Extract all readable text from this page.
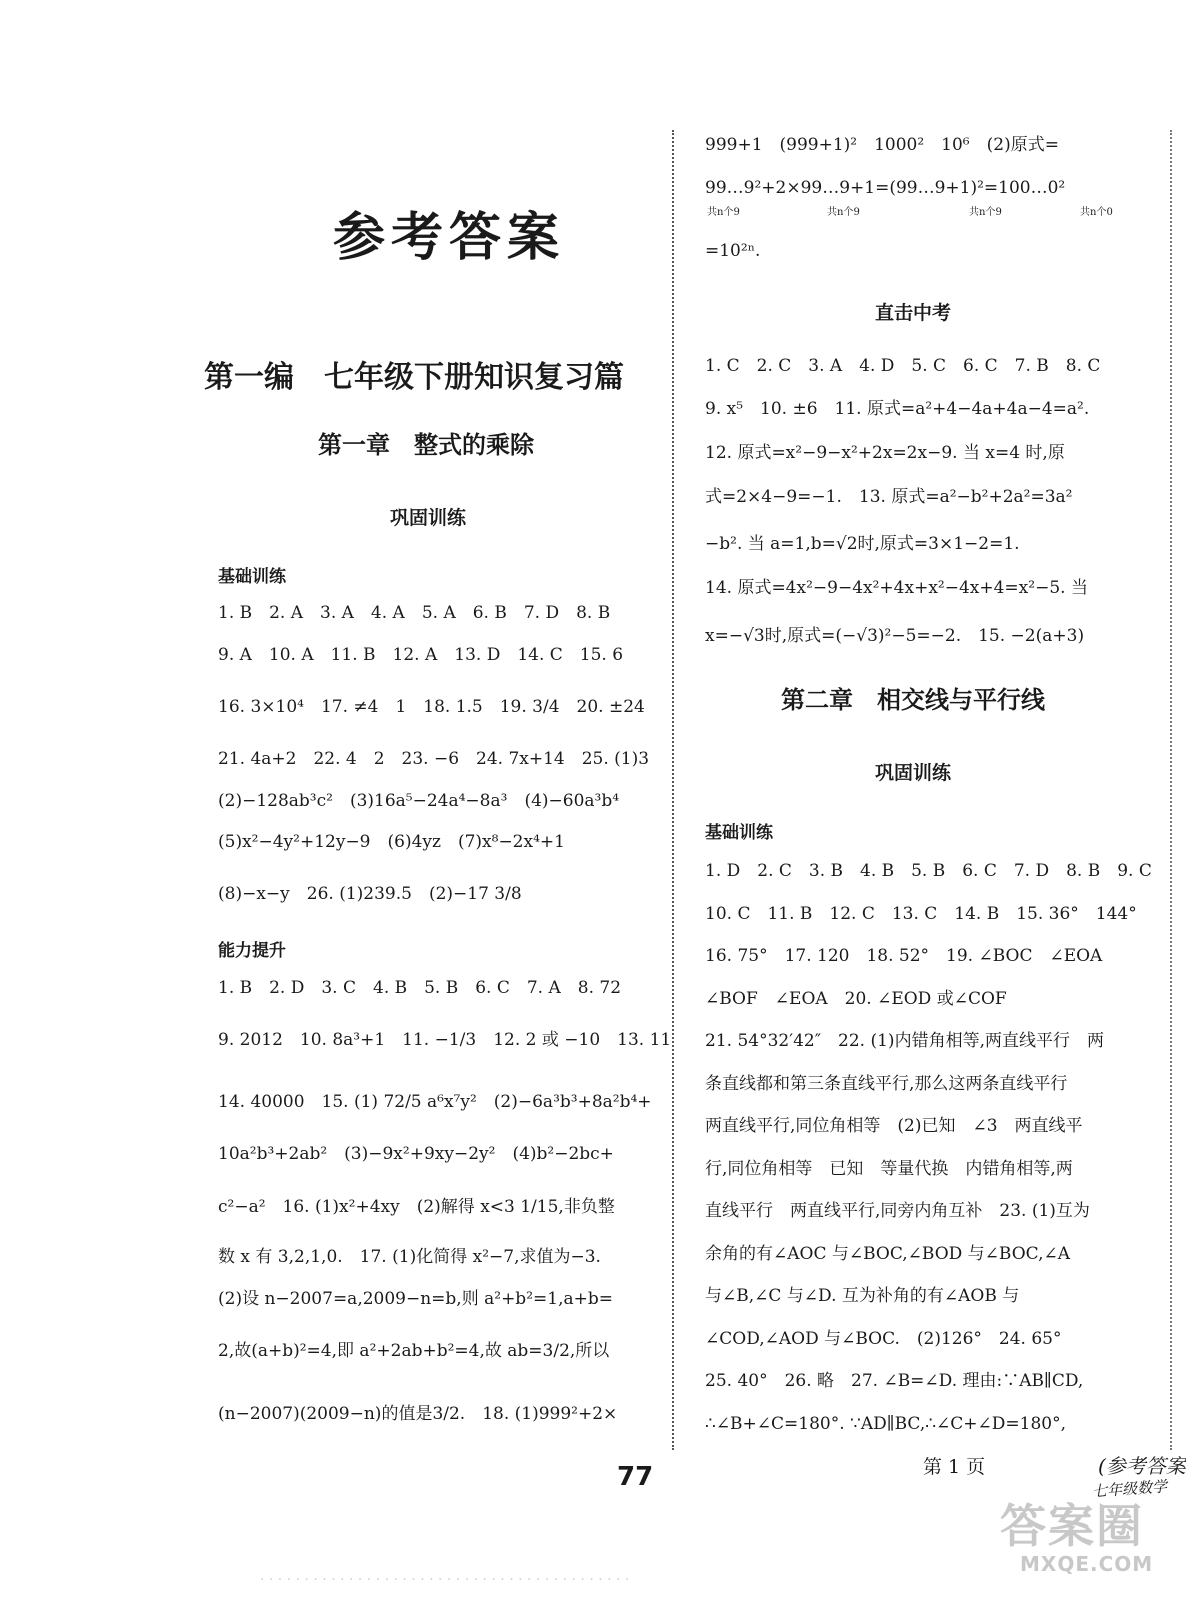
参考答案
第一编　七年级下册知识复习篇
第一章　整式的乘除
巩固训练
基础训练
1. B　2. A　3. A　4. A　5. A　6. B　7. D　8. B
9. A　10. A　11. B　12. A　13. D　14. C　15. 6
16. 3×10⁴　17. ≠4　1　18. 1.5　19. 3/4　20. ±24
21. 4a+2　22. 4　2　23. −6　24. 7x+14　25. (1)3
(2)−128ab³c²　(3)16a⁵−24a⁴−8a³　(4)−60a³b⁴
(5)x²−4y²+12y−9　(6)4yz　(7)x⁸−2x⁴+1
(8)−x−y　26. (1)239.5　(2)−17 3/8
能力提升
1. B　2. D　3. C　4. B　5. B　6. C　7. A　8. 72
9. 2012　10. 8a³+1　11. −1/3　12. 2 或 −10　13. 11
14. 40000　15. (1) 72/5 a⁶x⁷y²　(2)−6a³b³+8a²b⁴+
10a²b³+2ab²　(3)−9x²+9xy−2y²　(4)b²−2bc+
c²−a²　16. (1)x²+4xy　(2)解得 x<3 1/15,非负整
数 x 有 3,2,1,0.　17. (1)化简得 x²−7,求值为−3.
(2)设 n−2007=a,2009−n=b,则 a²+b²=1,a+b=
2,故(a+b)²=4,即 a²+2ab+b²=4,故 ab=3/2,所以
(n−2007)(2009−n)的值是3/2.　18. (1)999²+2×
999+1　(999+1)²　1000²　10⁶　(2)原式=
99…9²+2×99…9+1=(99…9+1)²=100…0²
共n个9	共n个9	共n个9	共n个0
=10²ⁿ.
直击中考
1. C　2. C　3. A　4. D　5. C　6. C　7. B　8. C
9. x⁵　10. ±6　11. 原式=a²+4−4a+4a−4=a².
12. 原式=x²−9−x²+2x=2x−9. 当 x=4 时,原
式=2×4−9=−1.　13. 原式=a²−b²+2a²=3a²
−b². 当 a=1,b=√2时,原式=3×1−2=1.
14. 原式=4x²−9−4x²+4x+x²−4x+4=x²−5. 当
x=−√3时,原式=(−√3)²−5=−2.　15. −2(a+3)
第二章　相交线与平行线
巩固训练
基础训练
1. D　2. C　3. B　4. B　5. B　6. C　7. D　8. B　9. C
10. C　11. B　12. C　13. C　14. B　15. 36°　144°
16. 75°　17. 120　18. 52°　19. ∠BOC　∠EOA
∠BOF　∠EOA　20. ∠EOD 或∠COF
21. 54°32′42″　22. (1)内错角相等,两直线平行　两
条直线都和第三条直线平行,那么这两条直线平行
两直线平行,同位角相等　(2)已知　∠3　两直线平
行,同位角相等　已知　等量代换　内错角相等,两
直线平行　两直线平行,同旁内角互补　23. (1)互为
余角的有∠AOC 与∠BOC,∠BOD 与∠BOC,∠A
与∠B,∠C 与∠D. 互为补角的有∠AOB 与
∠COD,∠AOD 与∠BOC.　(2)126°　24. 65°
25. 40°　26. 略　27. ∠B=∠D. 理由:∵AB∥CD,
∴∠B+∠C=180°. ∵AD∥BC,∴∠C+∠D=180°,
77	第 1 页	(参考答案
七年级数学
答案圈
MXQE.COM
· · · · · · · · · · · · · · · · · · · · · · · · · · · · · · · · · · · · · · · · · ·
